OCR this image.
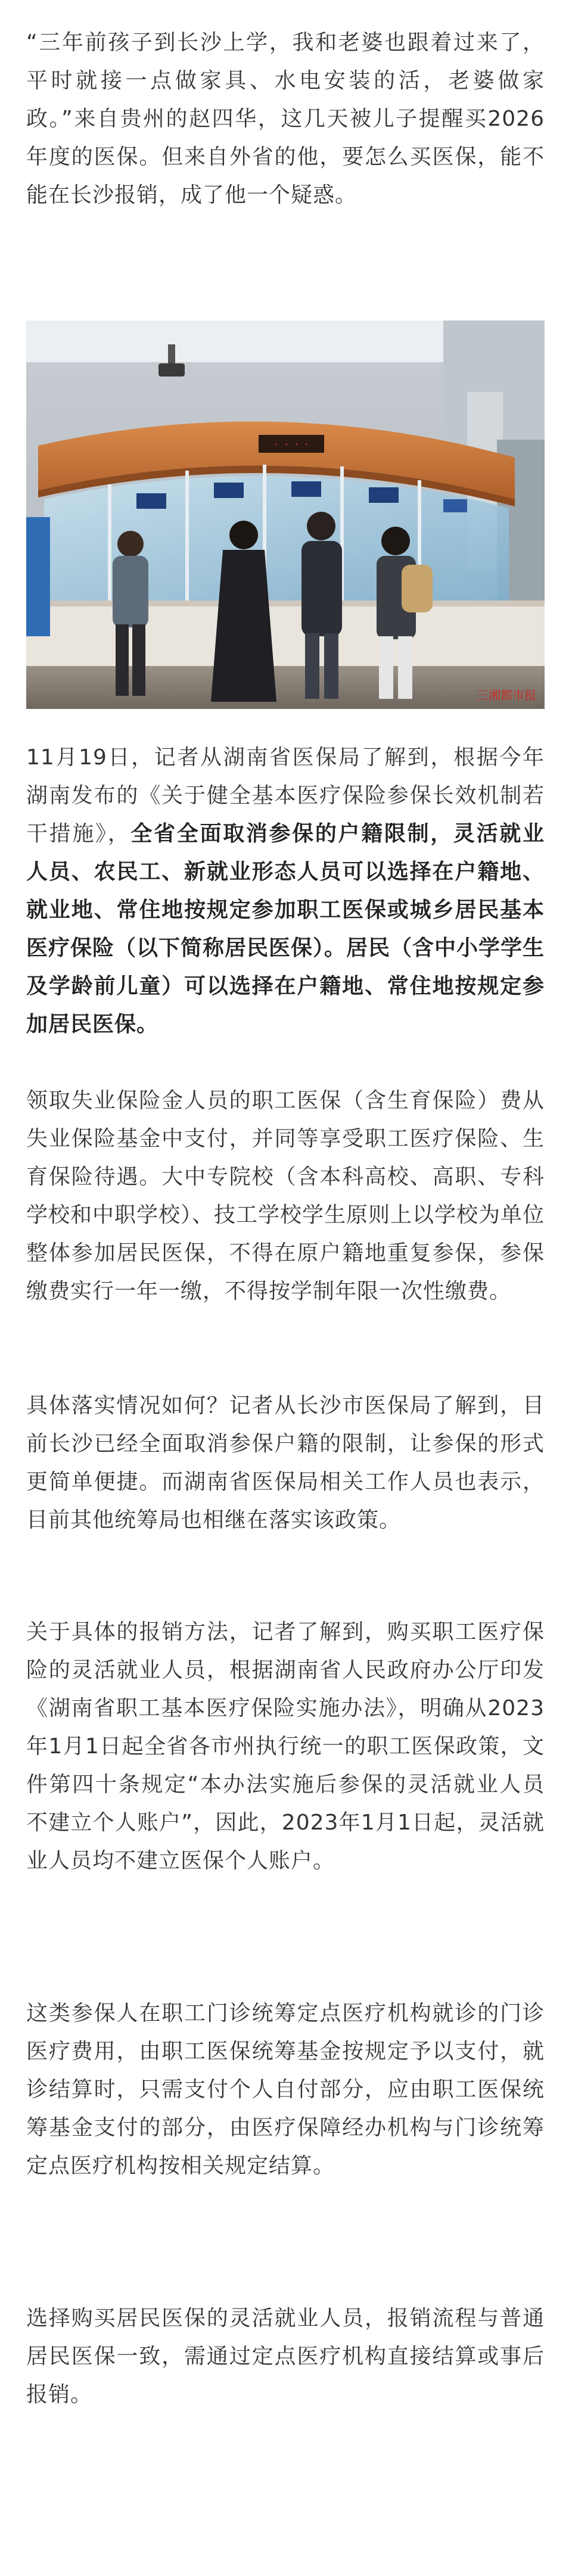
“三年前孩子到长沙上学，我和老婆也跟着过来了，平时就接一点做家具、水电安装的活，老婆做家政。”来自贵州的赵四华，这几天被儿子提醒买2026年度的医保。但来自外省的他，要怎么买医保，能不能在长沙报销，成了他一个疑惑。

· · · ·
三湘都市报

11月19日，记者从湖南省医保局了解到，根据今年湖南发布的《关于健全基本医疗保险参保长效机制若干措施》，全省全面取消参保的户籍限制，灵活就业人员、农民工、新就业形态人员可以选择在户籍地、就业地、常住地按规定参加职工医保或城乡居民基本医疗保险（以下简称居民医保）。居民（含中小学学生及学龄前儿童）可以选择在户籍地、常住地按规定参加居民医保。

领取失业保险金人员的职工医保（含生育保险）费从失业保险基金中支付，并同等享受职工医疗保险、生育保险待遇。大中专院校（含本科高校、高职、专科学校和中职学校）、技工学校学生原则上以学校为单位整体参加居民医保，不得在原户籍地重复参保，参保缴费实行一年一缴，不得按学制年限一次性缴费。

具体落实情况如何？记者从长沙市医保局了解到，目前长沙已经全面取消参保户籍的限制，让参保的形式更简单便捷。而湖南省医保局相关工作人员也表示，目前其他统筹局也相继在落实该政策。

关于具体的报销方法，记者了解到，购买职工医疗保险的灵活就业人员，根据湖南省人民政府办公厅印发《湖南省职工基本医疗保险实施办法》，明确从2023年1月1日起全省各市州执行统一的职工医保政策，文件第四十条规定“本办法实施后参保的灵活就业人员不建立个人账户”，因此，2023年1月1日起，灵活就业人员均不建立医保个人账户。

这类参保人在职工门诊统筹定点医疗机构就诊的门诊医疗费用，由职工医保统筹基金按规定予以支付，就诊结算时，只需支付个人自付部分，应由职工医保统筹基金支付的部分，由医疗保障经办机构与门诊统筹定点医疗机构按相关规定结算。

选择购买居民医保的灵活就业人员，报销流程与普通居民医保一致，需通过定点医疗机构直接结算或事后报销。
